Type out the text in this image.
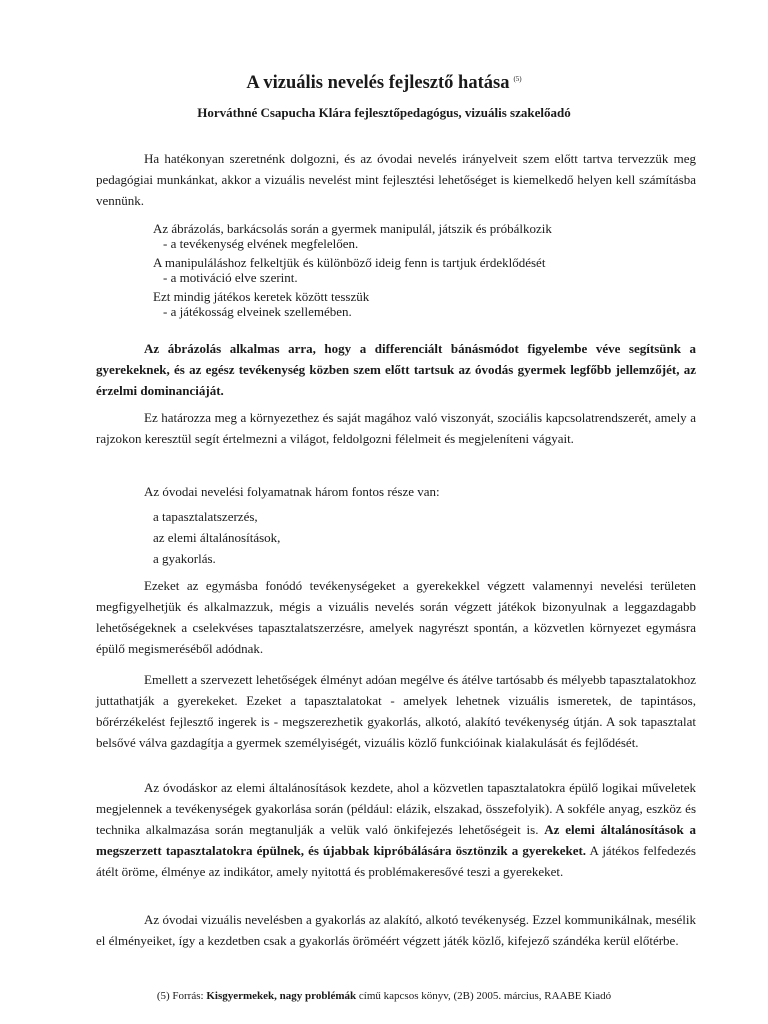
A vizuális nevelés fejlesztő hatása $^{(5)}$
Horváthné Csapucha Klára fejlesztőpedagógus, vizuális szakelőadó

Ha hatékonyan szeretnénk dolgozni, és az óvodai nevelés irányelveit szem előtt tartva tervezzük meg pedagógiai munkánkat, akkor a vizuális nevelést mint fejlesztési lehetőséget is kiemelkedő helyen kell számításba vennünk.

Az ábrázolás, barkácsolás során a gyermek manipulál, játszik és próbálkozik
- a tevékenység elvének megfelelően.
A manipuláláshoz felkeltjük és különböző ideig fenn is tartjuk érdeklődését
- a motiváció elve szerint.
Ezt mindig játékos keretek között tesszük
- a játékosság elveinek szellemében.

Az ábrázolás alkalmas arra, hogy a differenciált bánásmódot figyelembe véve segítsünk a gyerekeknek, és az egész tevékenység közben szem előtt tartsuk az óvodás gyermek legfőbb jellemzőjét, az érzelmi dominanciáját.

Ez határozza meg a környezethez és saját magához való viszonyát, szociális kapcsolatrendszerét, amely a rajzokon keresztül segít értelmezni a világot, feldolgozni félelmeit és megjeleníteni vágyait.

Az óvodai nevelési folyamatnak három fontos része van:

a tapasztalatszerzés,
az elemi általánosítások,
a gyakorlás.

Ezeket az egymásba fonódó tevékenységeket a gyerekekkel végzett valamennyi nevelési területen megfigyelhetjük és alkalmazzuk, mégis a vizuális nevelés során végzett játékok bizonyulnak a leggazdagabb lehetőségeknek a cselekvéses tapasztalatszerzésre, amelyek nagyrészt spontán, a közvetlen környezet egymásra épülő megismeréséből adódnak.

Emellett a szervezett lehetőségek élményt adóan megélve és átélve tartósabb és mélyebb tapasztalatokhoz juttathatják a gyerekeket. Ezeket a tapasztalatokat - amelyek lehetnek vizuális ismeretek, de tapintásos, bőrérzékelést fejlesztő ingerek is - megszerezhetik gyakorlás, alkotó, alakító tevékenység útján. A sok tapasztalat belsővé válva gazdagítja a gyermek személyiségét, vizuális közlő funkcióinak kialakulását és fejlődését.

Az óvodáskor az elemi általánosítások kezdete, ahol a közvetlen tapasztalatokra épülő logikai műveletek megjelennek a tevékenységek gyakorlása során (például: elázik, elszakad, összefolyik). A sokféle anyag, eszköz és technika alkalmazása során megtanulják a velük való önkifejezés lehetőségeit is. Az elemi általánosítások a megszerzett tapasztalatokra épülnek, és újabbak kipróbálására ösztönzik a gyerekeket. A játékos felfedezés átélt öröme, élménye az indikátor, amely nyitottá és problémakeresővé teszi a gyerekeket.

Az óvodai vizuális nevelésben a gyakorlás az alakító, alkotó tevékenység. Ezzel kommunikálnak, mesélik el élményeiket, így a kezdetben csak a gyakorlás öröméért végzett játék közlő, kifejező szándéka kerül előtérbe.

(5) Forrás: Kisgyermekek, nagy problémák című kapcsos könyv, (2B) 2005. március, RAABE Kiadó
